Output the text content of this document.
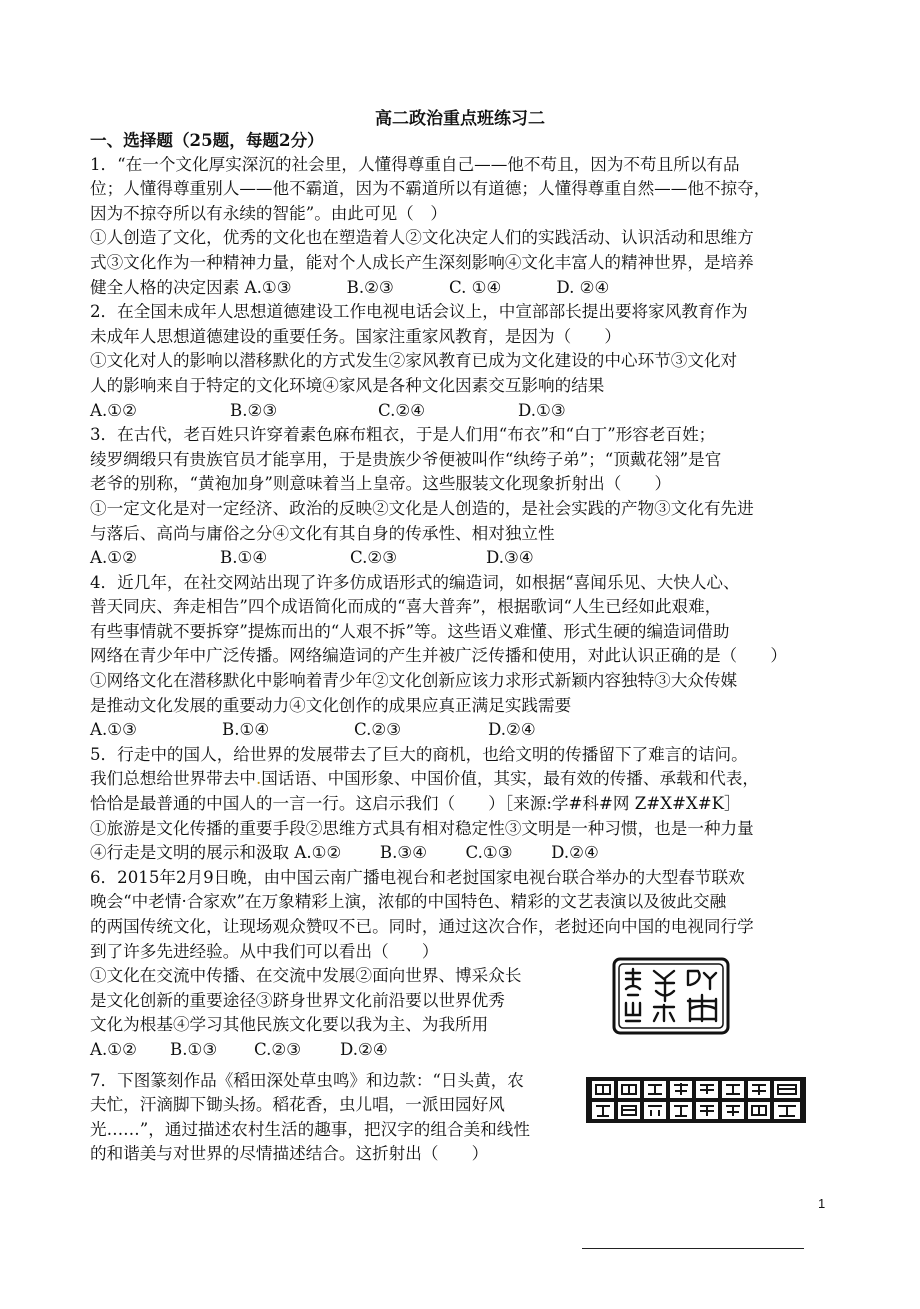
高二政治重点班练习二
一、选择题（25题，每题2分）
1．“在一个文化厚实深沉的社会里，人懂得尊重自己——他不苟且，因为不苟且所以有品
位；人懂得尊重别人——他不霸道，因为不霸道所以有道德；人懂得尊重自然——他不掠夺，
因为不掠夺所以有永续的智能”。由此可见（　）
①人创造了文化，优秀的文化也在塑造着人②文化决定人们的实践活动、认识活动和思维方
式③文化作为一种精神力量，能对个人成长产生深刻影响④文化丰富人的精神世界，是培养
健全人格的决定因素 A.①③　　　 B.②③　　　 C. ①④　　　 D. ②④
2．在全国未成年人思想道德建设工作电视电话会议上，中宣部部长提出要将家风教育作为
未成年人思想道德建设的重要任务。国家注重家风教育，是因为（　　）
①文化对人的影响以潜移默化的方式发生②家风教育已成为文化建设的中心环节③文化对
人的影响来自于特定的文化环境④家风是各种文化因素交互影响的结果
A.①②	B.②③	C.②④	D.①③
3．在古代，老百姓只许穿着素色麻布粗衣，于是人们用“布衣”和“白丁”形容老百姓；
绫罗绸缎只有贵族官员才能享用，于是贵族少爷便被叫作“纨绔子弟”；“顶戴花翎”是官
老爷的别称，“黄袍加身”则意味着当上皇帝。这些服装文化现象折射出（　　）
①一定文化是对一定经济、政治的反映②文化是人创造的，是社会实践的产物③文化有先进
与落后、高尚与庸俗之分④文化有其自身的传承性、相对独立性
A.①②	B.①④	C.②③	D.③④
4．近几年，在社交网站出现了许多仿成语形式的编造词，如根据“喜闻乐见、大快人心、
普天同庆、奔走相告”四个成语简化而成的“喜大普奔”，根据歌词“人生已经如此艰难，
有些事情就不要拆穿”提炼而出的“人艰不拆”等。这些语义难懂、形式生硬的编造词借助
网络在青少年中广泛传播。网络编造词的产生并被广泛传播和使用，对此认识正确的是（　　）
①网络文化在潜移默化中影响着青少年②文化创新应该力求形式新颖内容独特③大众传媒
是推动文化发展的重要动力④文化创作的成果应真正满足实践需要
A.①③	B.①④	C.②③	D.②④
5．行走中的国人，给世界的发展带去了巨大的商机，也给文明的传播留下了难言的诘问。
我们总想给世界带去中.国话语、中国形象、中国价值，其实，最有效的传播、承载和代表，
恰恰是最普通的中国人的一言一行。这启示我们（　　）［来源:学#科#网 Z#X#X#K］
①旅游是文化传播的重要手段②思维方式具有相对稳定性③文明是一种习惯，也是一种力量
④行走是文明的展示和汲取 A.①②　　 B.③④　　 C.①③　　 D.②④
6．2015年2月9日晚，由中国云南广播电视台和老挝国家电视台联合举办的大型春节联欢
晚会“中老情·合家欢”在万象精彩上演，浓郁的中国特色、精彩的文艺表演以及彼此交融
的两国传统文化，让现场观众赞叹不已。同时，通过这次合作，老挝还向中国的电视同行学
到了许多先进经验。从中我们可以看出（　　）
①文化在交流中传播、在交流中发展②面向世界、博采众长
是文化创新的重要途径③跻身世界文化前沿要以世界优秀
文化为根基④学习其他民族文化要以我为主、为我所用
A.①② B.①③ C.②③ D.②④
7．下图篆刻作品《稻田深处草虫鸣》和边款：“日头黄，农
夫忙，汗滴脚下锄头扬。稻花香，虫儿唱，一派田园好风
光……”，通过描述农村生活的趣事，把汉字的组合美和线性
的和谐美与对世界的尽情描述结合。这折射出（　　）
1
